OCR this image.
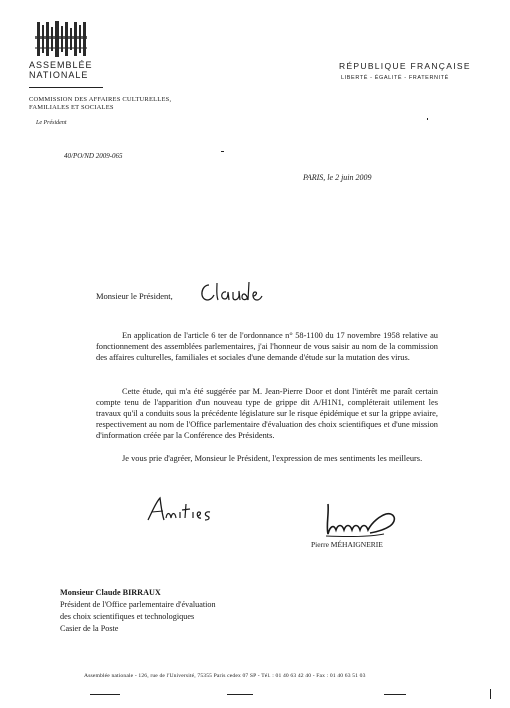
ASSEMBLÉE
NATIONALE
RÉPUBLIQUE FRANÇAISE
LIBERTÉ - ÉGALITÉ - FRATERNITÉ
COMMISSION DES AFFAIRES CULTURELLES,
FAMILIALES ET SOCIALES
Le Président
40/PO/ND 2009-065
PARIS, le 2 juin 2009
Monsieur le Président,

En application de l'article 6 ter de l'ordonnance n° 58-1100 du 17 novembre 1958 relative au fonctionnement des assemblées parlementaires, j'ai l'honneur de vous saisir au nom de la commission des affaires culturelles, familiales et sociales d'une demande d'étude sur la mutation des virus.

Cette étude, qui m'a été suggérée par M. Jean-Pierre Door et dont l'intérêt me paraît certain compte tenu de l'apparition d'un nouveau type de grippe dit A/H1N1, compléterait utilement les travaux qu'il a conduits sous la précédente législature sur le risque épidémique et sur la grippe aviaire, respectivement au nom de l'Office parlementaire d'évaluation des choix scientifiques et d'une mission d'information créée par la Conférence des Présidents.

Je vous prie d'agréer, Monsieur le Président, l'expression de mes sentiments les meilleurs.

Pierre MÉHAIGNERIE
Monsieur Claude BIRRAUX
Président de l'Office parlementaire d'évaluation
des choix scientifiques et technologiques
Casier de la Poste
Assemblée nationale - 126, rue de l'Université, 75355 Paris cedex 07 SP - Tél. : 01 40 63 42 40 - Fax : 01 40 63 51 03
